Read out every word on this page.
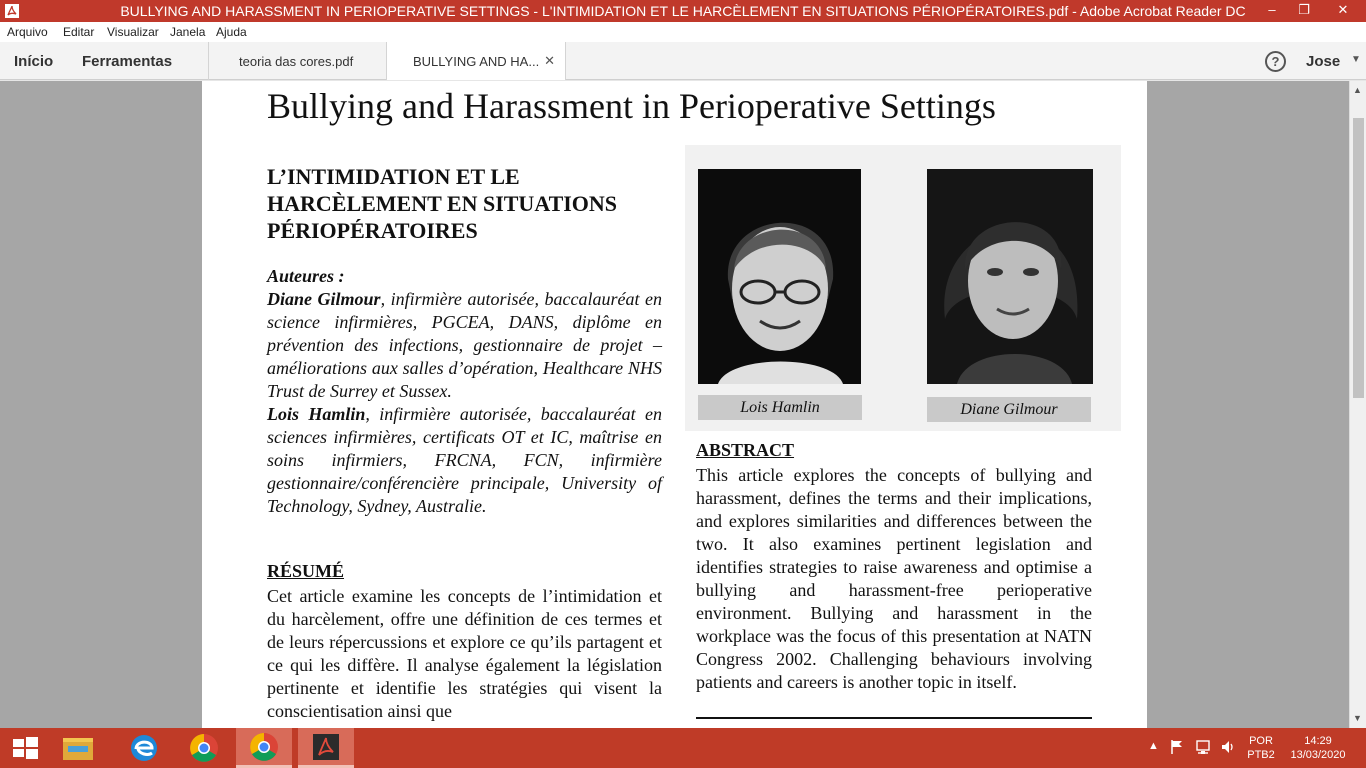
BULLYING AND HARASSMENT IN PERIOPERATIVE SETTINGS - L'INTIMIDATION ET LE HARCÈLEMENT EN SITUATIONS PÉRIOPÉRATOIRES.pdf - Adobe Acrobat Reader DC	–	❐	✕
Arquivo Editar Visualizar Janela Ajuda
Início Ferramentas	teoria das cores.pdf	BULLYING AND HA... ✕	?	Jose ▼
Bullying and Harassment in Perioperative Settings
L’INTIMIDATION ET LE HARCÈLEMENT EN SITUATIONS PÉRIOPÉRATOIRES
Auteures :
Diane Gilmour, infirmière autorisée, baccalauréat en science infirmières, PGCEA, DANS, diplôme en prévention des infections, gestionnaire de projet – améliorations aux salles d’opération, Healthcare NHS Trust de Surrey et Sussex.
Lois Hamlin, infirmière autorisée, baccalauréat en sciences infirmières, certificats OT et IC, maîtrise en soins infirmiers, FRCNA, FCN, infirmière gestionnaire/conférencière principale, University of Technology, Sydney, Australie.
RÉSUMÉ
Cet article examine les concepts de l’intimidation et du harcèlement, offre une définition de ces termes et de leurs répercussions et explore ce qu’ils partagent et ce qui les diffère. Il analyse également la législation pertinente et identifie les stratégies qui visent la conscientisation ainsi que
Lois Hamlin	Diane Gilmour
ABSTRACT
This article explores the concepts of bullying and harassment, defines the terms and their implications, and explores similarities and differences between the two. It also examines pertinent legislation and identifies strategies to raise awareness and optimise a bullying and harassment-free perioperative environment. Bullying and harassment in the workplace was the focus of this presentation at NATN Congress 2002. Challenging behaviours involving patients and careers is another topic in itself.
▲
▼
▲	POR
PTB2
14:29
13/03/2020
